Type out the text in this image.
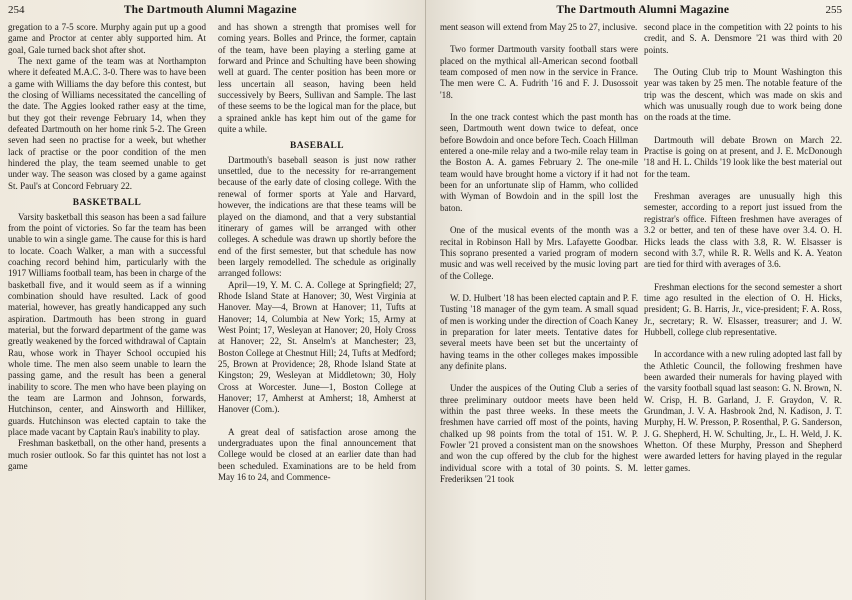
254	The Dartmouth Alumni Magazine

gregation to a 7-5 score. Murphy again put up a good game and Proctor at center ably supported him. At goal, Gale turned back shot after shot.

The next game of the team was at Northampton where it defeated M.A.C. 3-0. There was to have been a game with Williams the day before this contest, but the closing of Williams necessitated the cancelling of the date. The Aggies looked rather easy at the time, but they got their revenge February 14, when they defeated Dartmouth on her home rink 5-2. The Green seven had seen no practise for a week, but whether lack of practise or the poor condition of the men hindered the play, the team seemed unable to get under way. The season was closed by a game against St. Paul's at Concord February 22.

BASKETBALL

Varsity basketball this season has been a sad failure from the point of victories. So far the team has been unable to win a single game. The cause for this is hard to locate. Coach Walker, a man with a successful coaching record behind him, particularly with the 1917 Williams football team, has been in charge of the basketball five, and it would seem as if a winning combination should have resulted. Lack of good material, however, has greatly handicapped any such aspiration. Dartmouth has been strong in guard material, but the forward department of the game was greatly weakened by the forced withdrawal of Captain Rau, whose work in Thayer School occupied his whole time. The men also seem unable to learn the passing game, and the result has been a general inability to score. The men who have been playing on the team are Larmon and Johnson, forwards, Hutchinson, center, and Ainsworth and Hilliker, guards. Hutchinson was elected captain to take the place made vacant by Captain Rau's inability to play.

Freshman basketball, on the other hand, presents a much rosier outlook. So far this quintet has not lost a game

and has shown a strength that promises well for coming years. Bolles and Prince, the former, captain of the team, have been playing a sterling game at forward and Prince and Schulting have been showing well at guard. The center position has been more or less uncertain all season, having been held successively by Beers, Sullivan and Sample. The last of these seems to be the logical man for the place, but a sprained ankle has kept him out of the game for quite a while.

BASEBALL

Dartmouth's baseball season is just now rather unsettled, due to the necessity for re-arrangement because of the early date of closing college. With the renewal of former sports at Yale and Harvard, however, the indications are that these teams will be played on the diamond, and that a very substantial itinerary of games will be arranged with other colleges. A schedule was drawn up shortly before the end of the first semester, but that schedule has now been largely remodelled. The schedule as originally arranged follows:

April—19, Y. M. C. A. College at Springfield; 27, Rhode Island State at Hanover; 30, West Virginia at Hanover. May—4, Brown at Hanover; 11, Tufts at Hanover; 14, Columbia at New York; 15, Army at West Point; 17, Wesleyan at Hanover; 20, Holy Cross at Hanover; 22, St. Anselm's at Manchester; 23, Boston College at Chestnut Hill; 24, Tufts at Medford; 25, Brown at Providence; 28, Rhode Island State at Kingston; 29, Wesleyan at Middletown; 30, Holy Cross at Worcester. June—1, Boston College at Hanover; 17, Amherst at Amherst; 18, Amherst at Hanover (Com.).

A great deal of satisfaction arose among the undergraduates upon the final announcement that College would be closed at an earlier date than had been scheduled. Examinations are to be held from May 16 to 24, and Commence-

The Dartmouth Alumni Magazine	255

ment season will extend from May 25 to 27, inclusive.

Two former Dartmouth varsity football stars were placed on the mythical all-American second football team composed of men now in the service in France. The men were C. A. Fudrith '16 and F. J. Dusossoit '18.

In the one track contest which the past month has seen, Dartmouth went down twice to defeat, once before Bowdoin and once before Tech. Coach Hillman entered a one-mile relay and a two-mile relay team in the Boston A. A. games February 2. The one-mile team would have brought home a victory if it had not been for an unfortunate slip of Hamm, who collided with Wyman of Bowdoin and in the spill lost the baton.

One of the musical events of the month was a recital in Robinson Hall by Mrs. Lafayette Goodbar. This soprano presented a varied program of modern music and was well received by the music loving part of the College.

W. D. Hulbert '18 has been elected captain and P. F. Tusting '18 manager of the gym team. A small squad of men is working under the direction of Coach Kaney in preparation for later meets. Tentative dates for several meets have been set but the uncertainty of having teams in the other colleges makes impossible any definite plans.

Under the auspices of the Outing Club a series of three preliminary outdoor meets have been held within the past three weeks. In these meets the freshmen have carried off most of the points, having chalked up 98 points from the total of 151. W. P. Fowler '21 proved a consistent man on the snowshoes and won the cup offered by the club for the highest individual score with a total of 30 points. S. M. Frederiksen '21 took

second place in the competition with 22 points to his credit, and S. A. Densmore '21 was third with 20 points.

The Outing Club trip to Mount Washington this year was taken by 25 men. The notable feature of the trip was the descent, which was made on skis and which was unusually rough due to work being done on the roads at the time.

Dartmouth will debate Brown on March 22. Practise is going on at present, and J. E. McDonough '18 and H. L. Childs '19 look like the best material out for the team.

Freshman averages are unusually high this semester, according to a report just issued from the registrar's office. Fifteen freshmen have averages of 3.2 or better, and ten of these have over 3.4. O. H. Hicks leads the class with 3.8, R. W. Elsasser is second with 3.7, while R. R. Wells and K. A. Yeaton are tied for third with averages of 3.6.

Freshman elections for the second semester a short time ago resulted in the election of O. H. Hicks, president; G. B. Harris, Jr., vice-president; F. A. Ross, Jr., secretary; R. W. Elsasser, treasurer; and J. W. Hubbell, college club representative.

In accordance with a new ruling adopted last fall by the Athletic Council, the following freshmen have been awarded their numerals for having played with the varsity football squad last season: G. N. Brown, N. W. Crisp, H. B. Garland, J. F. Graydon, V. R. Grundman, J. V. A. Hasbrook 2nd, N. Kadison, J. T. Murphy, H. W. Presson, P. Rosenthal, P. G. Sanderson, J. G. Shepherd, H. W. Schulting, Jr., L. H. Weld, J. K. Whetton. Of these Murphy, Presson and Shepherd were awarded letters for having played in the regular letter games.
